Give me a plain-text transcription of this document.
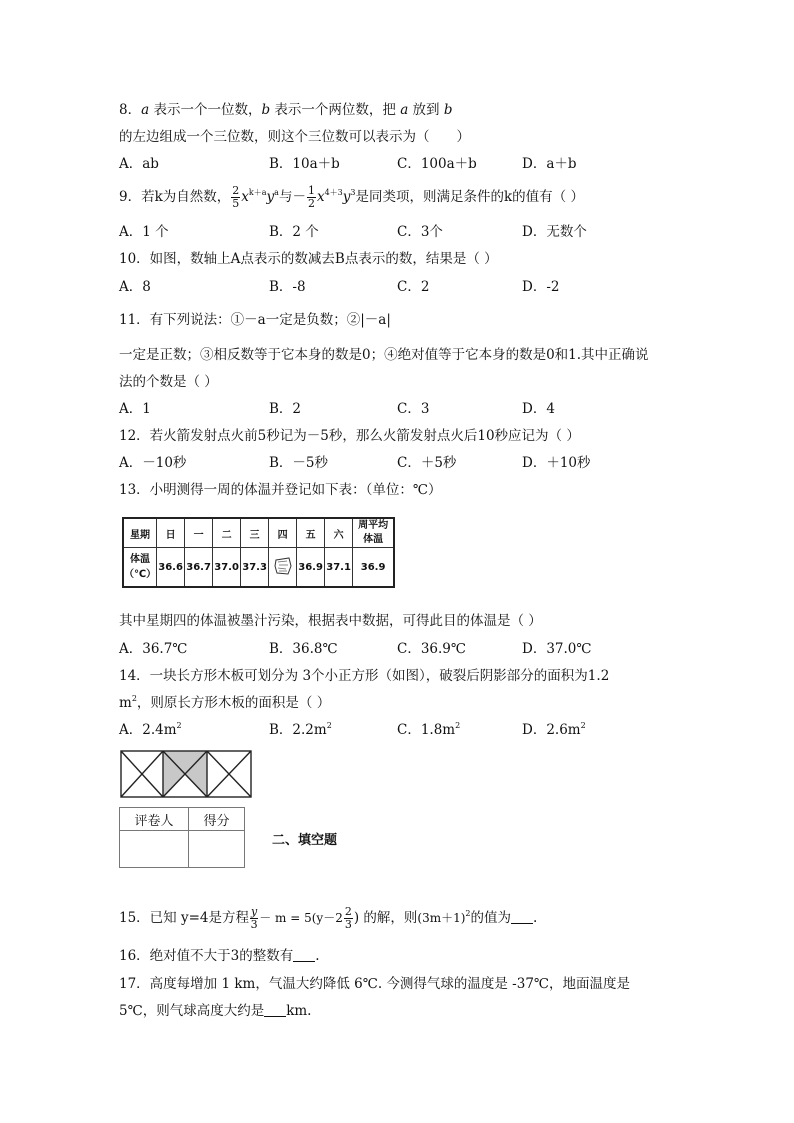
8．a 表示一个一位数，b 表示一个两位数，把 a 放到 b
的左边组成一个三位数，则这个三位数可以表示为（　　）
A．ab	B．10a＋b	C．100a＋b	D．a＋b
9．若k为自然数， $\frac{2}{5} x^{k+a}y^a$与－ $\frac{1}{2} x^{4+3}y^3$是同类项，则满足条件的k的值有（ ）
A．1 个	B．2 个	C．3个	D．无数个
10．如图，数轴上A点表示的数减去B点表示的数，结果是（ ）
A．8	B．-8	C．2	D．-2
11．有下列说法：①－a一定是负数；②|－a|
一定是正数；③相反数等于它本身的数是0；④绝对值等于它本身的数是0和1.其中正确说
法的个数是（ ）
A．1	B．2	C．3	D．4
12．若火箭发射点火前5秒记为－5秒，那么火箭发射点火后10秒应记为（ ）
A．－10秒	B．－5秒	C．＋5秒	D．＋10秒
13．小明测得一周的体温并登记如下表：（单位：℃）
星期	日	一	二	三	四	五	六	周平均
体温
体温
（℃）	36.6	36.7	37.0	37.3		36.9	37.1	36.9
其中星期四的体温被墨汁污染，根据表中数据，可得此目的体温是（ ）
A．36.7℃	B．36.8℃	C．36.9℃	D．37.0℃
14．一块长方形木板可划分为 3个小正方形（如图），破裂后阴影部分的面积为1.2
$m^2$，则原长方形木板的面积是（ ）
A．$2.4m^2$	B．$2.2m^2$	C．$1.8m^2$	D．$2.6m^2$
评卷人	得分

二、填空题
15．已知 y=4是方程 $\frac{y}{3} - m = 5(y-2 \frac{2}{3}$ ) 的解，则$(3m+1)^2$的值为 .
16．绝对值不大于3的整数有 .
17．高度每增加 1 km，气温大约降低 6℃. 今测得气球的温度是 -37℃，地面温度是
5℃，则气球高度大约是 km.
